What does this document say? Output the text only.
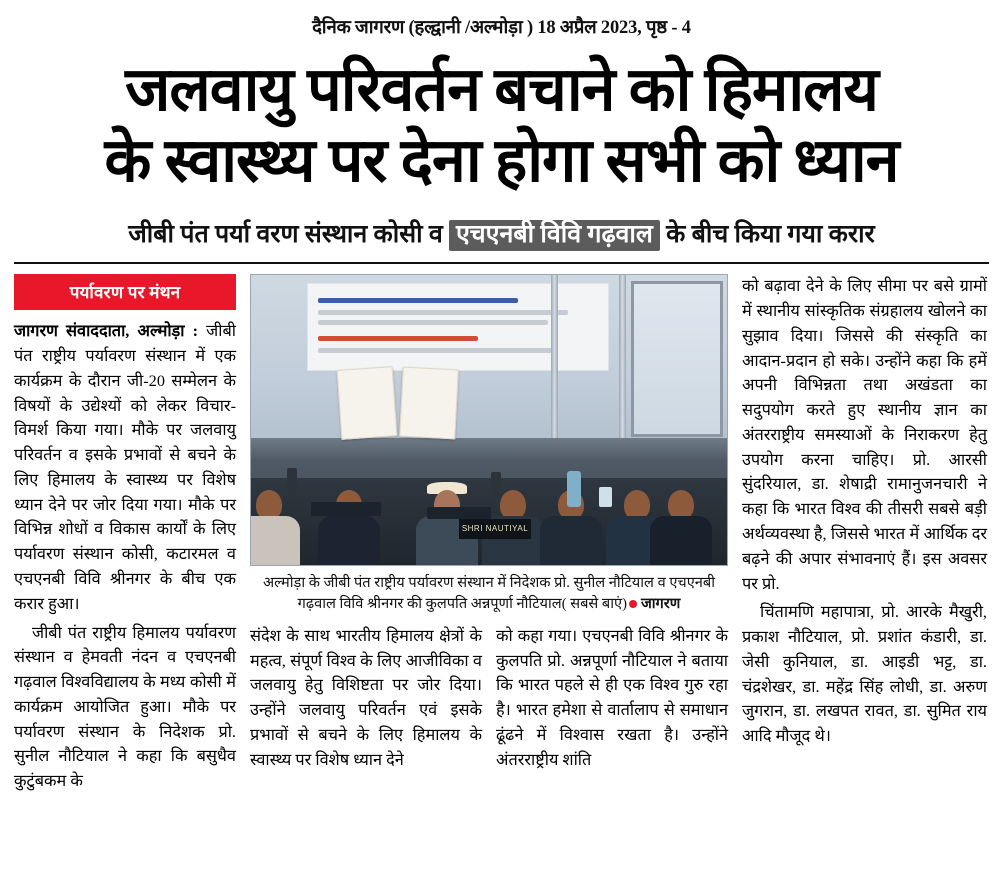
दैनिक जागरण (हल्द्वानी /अल्मोड़ा ) 18 अप्रैल 2023, पृष्ठ - 4
जलवायु परिवर्तन बचाने को हिमालय
के स्वास्थ्य पर देना होगा सभी को ध्यान
जीबी पंत पर्या वरण संस्थान कोसी व एचएनबी विवि गढ़वाल के बीच किया गया करार
पर्यावरण पर मंथन

जागरण संवाददाता, अल्मोड़ा : जीबी पंत राष्ट्रीय पर्यावरण संस्थान में एक कार्यक्रम के दौरान जी-20 सम्मेलन के विषयों के उद्येश्यों को लेकर विचार-विमर्श किया गया। मौके पर जलवायु परिवर्तन व इसके प्रभावों से बचने के लिए हिमालय के स्वास्थ्य पर विशेष ध्यान देने पर जोर दिया गया। मौके पर विभिन्न शोधों व विकास कार्यों के लिए पर्यावरण संस्थान कोसी, कटारमल व एचएनबी विवि श्रीनगर के बीच एक करार हुआ।

जीबी पंत राष्ट्रीय हिमालय पर्यावरण संस्थान व हेमवती नंदन व एचएनबी गढ़वाल विश्वविद्यालय के मध्य कोसी में कार्यक्रम आयोजित हुआ। मौके पर पर्यावरण संस्थान के निदेशक प्रो. सुनील नौटियाल ने कहा कि बसुधैव कुटुंबकम के

SHRI NAUTIYAL
अल्मोड़ा के जीबी पंत राष्ट्रीय पर्यावरण संस्थान में निदेशक प्रो. सुनील नौटियाल व एचएनबी गढ़वाल विवि श्रीनगर की कुलपति अन्नपूर्णा नौटियाल( सबसे बाएं) जागरण
संदेश के साथ भारतीय हिमालय क्षेत्रों के महत्व, संपूर्ण विश्व के लिए आजीविका व जलवायु हेतु विशिष्टता पर जोर दिया। उन्होंने जलवायु परिवर्तन एवं इसके प्रभावों से बचने के लिए हिमालय के स्वास्थ्य पर विशेष ध्यान देने
को कहा गया। एचएनबी विवि श्रीनगर के कुलपति प्रो. अन्नपूर्णा नौटियाल ने बताया कि भारत पहले से ही एक विश्व गुरु रहा है। भारत हमेशा से वार्तालाप से समाधान ढूंढने में विश्वास रखता है। उन्होंने अंतरराष्ट्रीय शांति

को बढ़ावा देने के लिए सीमा पर बसे ग्रामों में स्थानीय सांस्कृतिक संग्रहालय खोलने का सुझाव दिया। जिससे की संस्कृति का आदान-प्रदान हो सके। उन्होंने कहा कि हमें अपनी विभिन्नता तथा अखंडता का सदुपयोग करते हुए स्थानीय ज्ञान का अंतरराष्ट्रीय समस्याओं के निराकरण हेतु उपयोग करना चाहिए। प्रो. आरसी सुंदरियाल, डा. शेषाद्री रामानुजनचारी ने कहा कि भारत विश्व की तीसरी सबसे बड़ी अर्थव्यवस्था है, जिससे भारत में आर्थिक दर बढ़ने की अपार संभावनाएं हैं। इस अवसर पर प्रो.

चिंतामणि महापात्रा, प्रो. आरके मैखुरी, प्रकाश नौटियाल, प्रो. प्रशांत कंडारी, डा. जेसी कुनियाल, डा. आइडी भट्ट, डा. चंद्रशेखर, डा. महेंद्र सिंह लोधी, डा. अरुण जुगरान, डा. लखपत रावत, डा. सुमित राय आदि मौजूद थे।
